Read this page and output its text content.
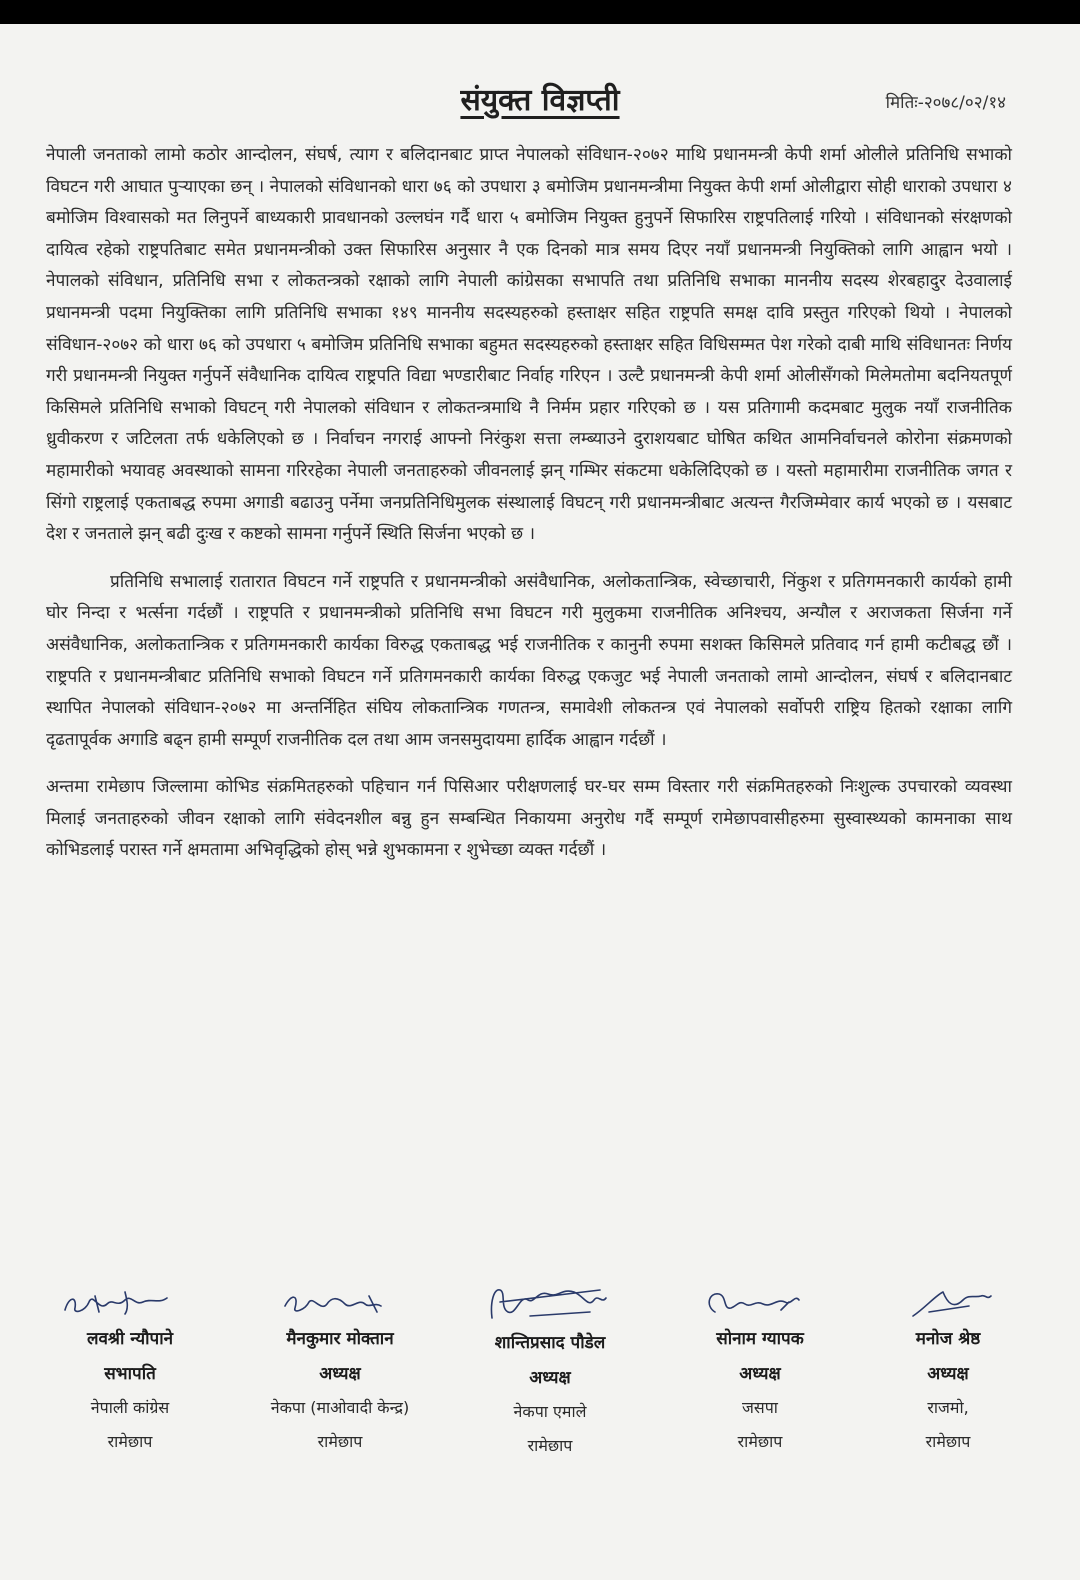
संयुक्त विज्ञप्ती	मितिः-२०७८/०२/१४

नेपाली जनताको लामो कठोर आन्दोलन, संघर्ष, त्याग र बलिदानबाट प्राप्त नेपालको संविधान-२०७२ माथि प्रधानमन्त्री केपी शर्मा ओलीले प्रतिनिधि सभाको विघटन गरी आघात पुऱ्याएका छन् । नेपालको संविधानको धारा ७६ को उपधारा ३ बमोजिम प्रधानमन्त्रीमा नियुक्त केपी शर्मा ओलीद्वारा सोही धाराको उपधारा ४ बमोजिम विश्वासको मत लिनुपर्ने बाध्यकारी प्रावधानको उल्लघंन गर्दै धारा ५ बमोजिम नियुक्त हुनुपर्ने सिफारिस राष्ट्रपतिलाई गरियो । संविधानको संरक्षणको दायित्व रहेको राष्ट्रपतिबाट समेत प्रधानमन्त्रीको उक्त सिफारिस अनुसार नै एक दिनको मात्र समय दिएर नयाँ प्रधानमन्त्री नियुक्तिको लागि आह्वान भयो । नेपालको संविधान, प्रतिनिधि सभा र लोकतन्त्रको रक्षाको लागि नेपाली कांग्रेसका सभापति तथा प्रतिनिधि सभाका माननीय सदस्य शेरबहादुर देउवालाई प्रधानमन्त्री पदमा नियुक्तिका लागि प्रतिनिधि सभाका १४९ माननीय सदस्यहरुको हस्ताक्षर सहित राष्ट्रपति समक्ष दावि प्रस्तुत गरिएको थियो । नेपालको संविधान-२०७२ को धारा ७६ को उपधारा ५ बमोजिम प्रतिनिधि सभाका बहुमत सदस्यहरुको हस्ताक्षर सहित विधिसम्मत पेश गरेको दाबी माथि संविधानतः निर्णय गरी प्रधानमन्त्री नियुक्त गर्नुपर्ने संवैधानिक दायित्व राष्ट्रपति विद्या भण्डारीबाट निर्वाह गरिएन । उल्टै प्रधानमन्त्री केपी शर्मा ओलीसँगको मिलेमतोमा बदनियतपूर्ण किसिमले प्रतिनिधि सभाको विघटन् गरी नेपालको संविधान र लोकतन्त्रमाथि नै निर्मम प्रहार गरिएको छ । यस प्रतिगामी कदमबाट मुलुक नयाँ राजनीतिक ध्रुवीकरण र जटिलता तर्फ धकेलिएको छ । निर्वाचन नगराई आफ्नो निरंकुश सत्ता लम्ब्याउने दुराशयबाट घोषित कथित आमनिर्वाचनले कोरोना संक्रमणको महामारीको भयावह अवस्थाको सामना गरिरहेका नेपाली जनताहरुको जीवनलाई झन् गम्भिर संकटमा धकेलिदिएको छ । यस्तो महामारीमा राजनीतिक जगत र सिंगो राष्ट्रलाई एकताबद्ध रुपमा अगाडी बढाउनु पर्नेमा जनप्रतिनिधिमुलक संस्थालाई विघटन् गरी प्रधानमन्त्रीबाट अत्यन्त गैरजिम्मेवार कार्य भएको छ । यसबाट देश र जनताले झन् बढी दुःख र कष्टको सामना गर्नुपर्ने स्थिति सिर्जना भएको छ ।

प्रतिनिधि सभालाई रातारात विघटन गर्ने राष्ट्रपति र प्रधानमन्त्रीको असंवैधानिक, अलोकतान्त्रिक, स्वेच्छाचारी, निंकुश र प्रतिगमनकारी कार्यको हामी घोर निन्दा र भर्त्सना गर्दछौं । राष्ट्रपति र प्रधानमन्त्रीको प्रतिनिधि सभा विघटन गरी मुलुकमा राजनीतिक अनिश्चय, अन्यौल र अराजकता सिर्जना गर्ने असंवैधानिक, अलोकतान्त्रिक र प्रतिगमनकारी कार्यका विरुद्ध एकताबद्ध भई राजनीतिक र कानुनी रुपमा सशक्त किसिमले प्रतिवाद गर्न हामी कटीबद्ध छौं । राष्ट्रपति र प्रधानमन्त्रीबाट प्रतिनिधि सभाको विघटन गर्ने प्रतिगमनकारी कार्यका विरुद्ध एकजुट भई नेपाली जनताको लामो आन्दोलन, संघर्ष र बलिदानबाट स्थापित नेपालको संविधान-२०७२ मा अन्तर्निहित संघिय लोकतान्त्रिक गणतन्त्र, समावेशी लोकतन्त्र एवं नेपालको सर्वोपरी राष्ट्रिय हितको रक्षाका लागि दृढतापूर्वक अगाडि बढ्न हामी सम्पूर्ण राजनीतिक दल तथा आम जनसमुदायमा हार्दिक आह्वान गर्दछौं ।

अन्तमा रामेछाप जिल्लामा कोभिड संक्रमितहरुको पहिचान गर्न पिसिआर परीक्षणलाई घर-घर सम्म विस्तार गरी संक्रमितहरुको निःशुल्क उपचारको व्यवस्था मिलाई जनताहरुको जीवन रक्षाको लागि संवेदनशील बन्नु हुन सम्बन्धित निकायमा अनुरोध गर्दै सम्पूर्ण रामेछापवासीहरुमा सुस्वास्थ्यको कामनाका साथ कोभिडलाई परास्त गर्ने क्षमतामा अभिवृद्धिको होस् भन्ने शुभकामना र शुभेच्छा व्यक्त गर्दछौं ।

लवश्री न्यौपाने
सभापति
नेपाली कांग्रेस
रामेछाप
मैनकुमार मोक्तान
अध्यक्ष
नेकपा (माओवादी केन्द्र)
रामेछाप
शान्तिप्रसाद पौडेल
अध्यक्ष
नेकपा एमाले
रामेछाप
सोनाम ग्यापक
अध्यक्ष
जसपा
रामेछाप
मनोज श्रेष्ठ
अध्यक्ष
राजमो,
रामेछाप
